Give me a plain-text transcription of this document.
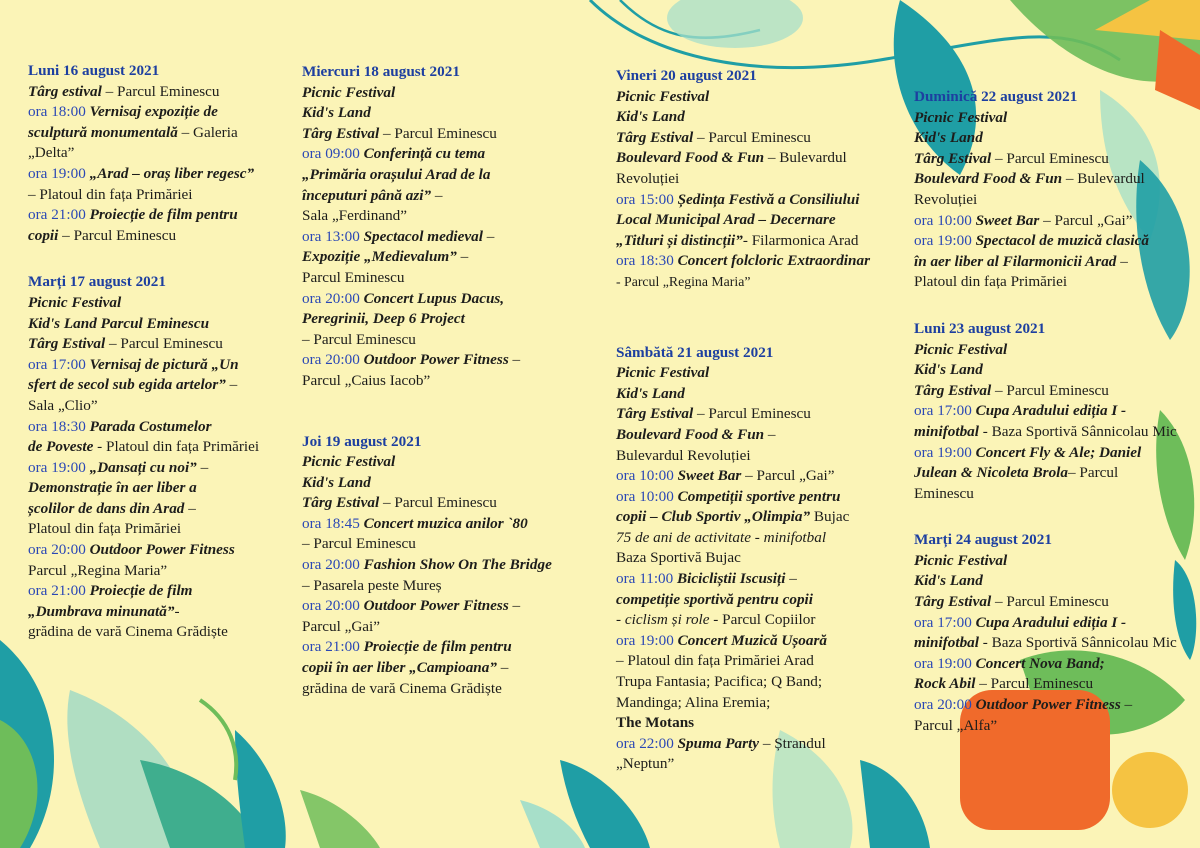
Luni 16 august 2021
Târg estival – Parcul Eminescu
ora 18:00 Vernisaj expoziție de
sculptură monumentală – Galeria
„Delta”
ora 19:00 „Arad – oraș liber regesc”
– Platoul din fața Primăriei
ora 21:00 Proiecție de film pentru
copii – Parcul Eminescu
Marți 17 august 2021
Picnic Festival
Kid's Land Parcul Eminescu
Târg Estival – Parcul Eminescu
ora 17:00 Vernisaj de pictură „Un
sfert de secol sub egida artelor” –
Sala „Clio”
ora 18:30 Parada Costumelor
de Poveste - Platoul din fața Primăriei
ora 19:00 „Dansați cu noi” –
Demonstrație în aer liber a
școlilor de dans din Arad –
Platoul din fața Primăriei
ora 20:00 Outdoor Power Fitness
Parcul „Regina Maria”
ora 21:00 Proiecție de film
„Dumbrava minunată”-
grădina de vară Cinema Grădiște
Miercuri 18 august 2021
Picnic Festival
Kid's Land
Târg Estival – Parcul Eminescu
ora 09:00 Conferință cu tema
„Primăria orașului Arad de la
începuturi până azi” –
Sala „Ferdinand”
ora 13:00 Spectacol medieval –
Expoziție „Medievalum” –
Parcul Eminescu
ora 20:00 Concert Lupus Dacus,
Peregrinii, Deep 6 Project
– Parcul Eminescu
ora 20:00 Outdoor Power Fitness –
Parcul „Caius Iacob”
Joi 19 august 2021
Picnic Festival
Kid's Land
Târg Estival – Parcul Eminescu
ora 18:45 Concert muzica anilor `80
– Parcul Eminescu
ora 20:00 Fashion Show On The Bridge
– Pasarela peste Mureș
ora 20:00 Outdoor Power Fitness –
Parcul „Gai”
ora 21:00 Proiecție de film pentru
copii în aer liber „Campioana” –
grădina de vară Cinema Grădiște
Vineri 20 august 2021
Picnic Festival
Kid's Land
Târg Estival – Parcul Eminescu
Boulevard Food & Fun – Bulevardul
Revoluției
ora 15:00 Ședința Festivă a Consiliului
Local Municipal Arad – Decernare
„Titluri și distincții”- Filarmonica Arad
ora 18:30 Concert folcloric Extraordinar
- Parcul „Regina Maria”
Sâmbătă 21 august 2021
Picnic Festival
Kid's Land
Târg Estival – Parcul Eminescu
Boulevard Food & Fun –
Bulevardul Revoluției
ora 10:00 Sweet Bar – Parcul „Gai”
ora 10:00 Competiții sportive pentru
copii – Club Sportiv „Olimpia” Bujac
75 de ani de activitate - minifotbal
Baza Sportivă Bujac
ora 11:00 Bicicliștii Iscusiți –
competiție sportivă pentru copii
- ciclism și role - Parcul Copiilor
ora 19:00 Concert Muzică Ușoară
– Platoul din fața Primăriei Arad
Trupa Fantasia; Pacifica; Q Band;
Mandinga; Alina Eremia;
The Motans
ora 22:00 Spuma Party – Ștrandul
„Neptun”
Duminică 22 august 2021
Picnic Festival
Kid's Land
Târg Estival – Parcul Eminescu
Boulevard Food & Fun – Bulevardul
Revoluției
ora 10:00 Sweet Bar – Parcul „Gai”
ora 19:00 Spectacol de muzică clasică
în aer liber al Filarmonicii Arad –
Platoul din fața Primăriei
Luni 23 august 2021
Picnic Festival
Kid's Land
Târg Estival – Parcul Eminescu
ora 17:00 Cupa Aradului ediția I -
minifotbal - Baza Sportivă Sânnicolau Mic
ora 19:00 Concert Fly & Ale; Daniel
Julean & Nicoleta Brola– Parcul
Eminescu
Marți 24 august 2021
Picnic Festival
Kid's Land
Târg Estival – Parcul Eminescu
ora 17:00 Cupa Aradului ediția I -
minifotbal - Baza Sportivă Sânnicolau Mic
ora 19:00 Concert Nova Band;
Rock Abil – Parcul Eminescu
ora 20:00 Outdoor Power Fitness –
Parcul „Alfa”
